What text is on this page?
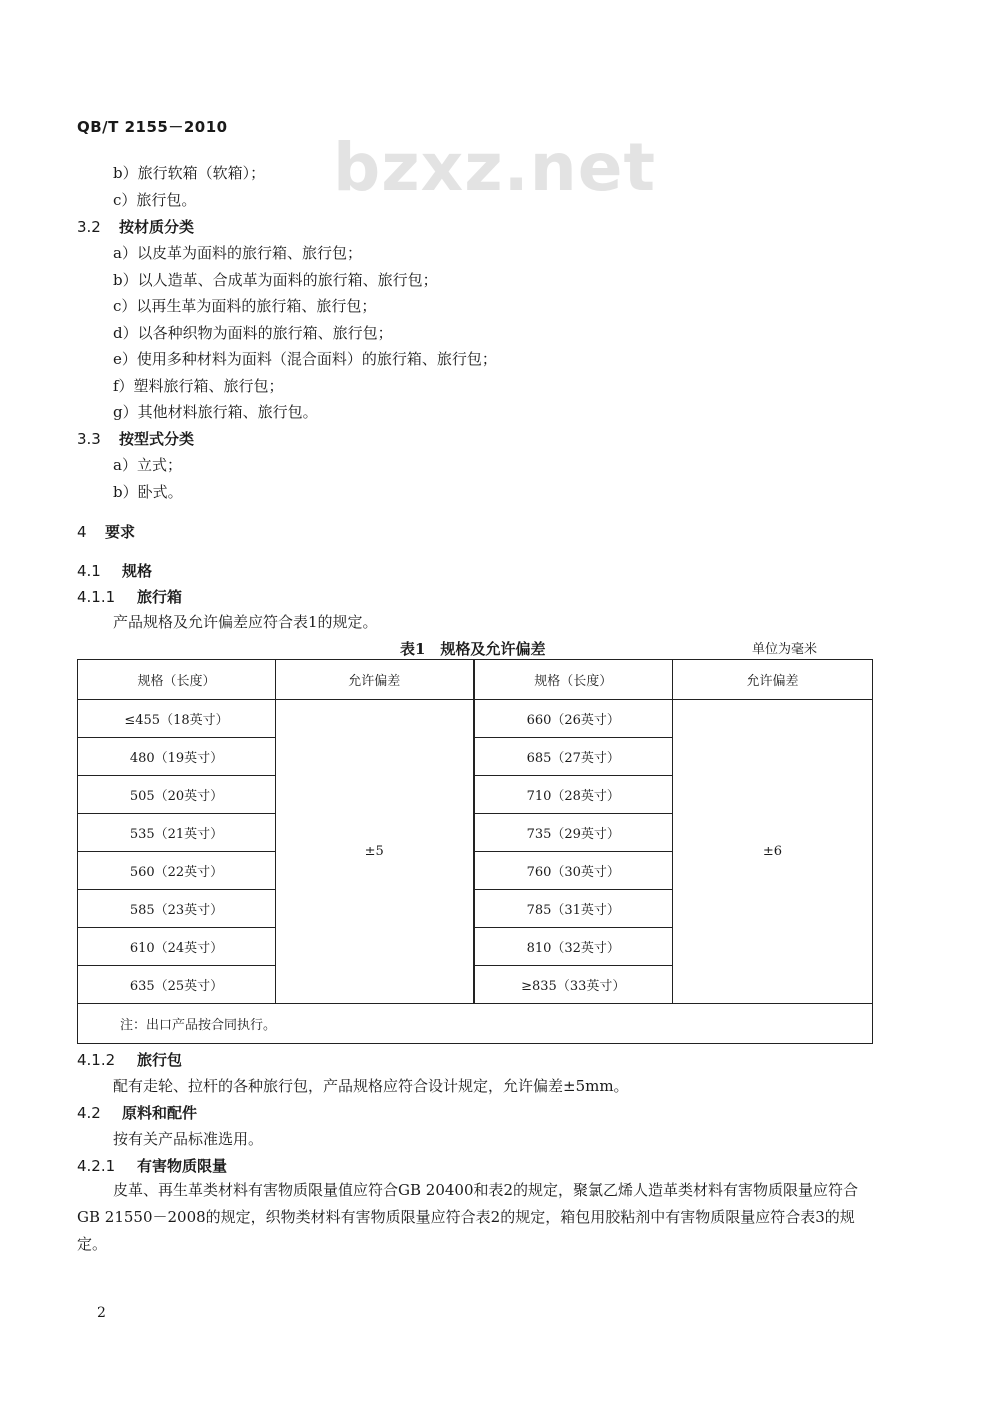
QB/T 2155－2010
bzxz.net
b）旅行软箱（软箱）；
c）旅行包。
3.2 按材质分类
a）以皮革为面料的旅行箱、旅行包；
b）以人造革、合成革为面料的旅行箱、旅行包；
c）以再生革为面料的旅行箱、旅行包；
d）以各种织物为面料的旅行箱、旅行包；
e）使用多种材料为面料（混合面料）的旅行箱、旅行包；
f）塑料旅行箱、旅行包；
g）其他材料旅行箱、旅行包。
3.3 按型式分类
a）立式；
b）卧式。
4 要求
4.1 规格
4.1.1 旅行箱
产品规格及允许偏差应符合表1的规定。
表1　规格及允许偏差	单位为毫米
规格（长度）	允许偏差	规格（长度）	允许偏差
≤455（18英寸）	±5	660（26英寸）	±6
480（19英寸）		685（27英寸）	
505（20英寸）		710（28英寸）	
535（21英寸）		735（29英寸）	
560（22英寸）		760（30英寸）	
585（23英寸）		785（31英寸）	
610（24英寸）		810（32英寸）	
635（25英寸）		≥835（33英寸）	
注：出口产品按合同执行。			
4.1.2 旅行包
配有走轮、拉杆的各种旅行包，产品规格应符合设计规定，允许偏差±5mm。
4.2 原料和配件
按有关产品标准选用。
4.2.1 有害物质限量
皮革、再生革类材料有害物质限量值应符合GB 20400和表2的规定，聚氯乙烯人造革类材料有害物质限量应符合GB 21550－2008的规定，织物类材料有害物质限量应符合表2的规定，箱包用胶粘剂中有害物质限量应符合表3的规定。
2
